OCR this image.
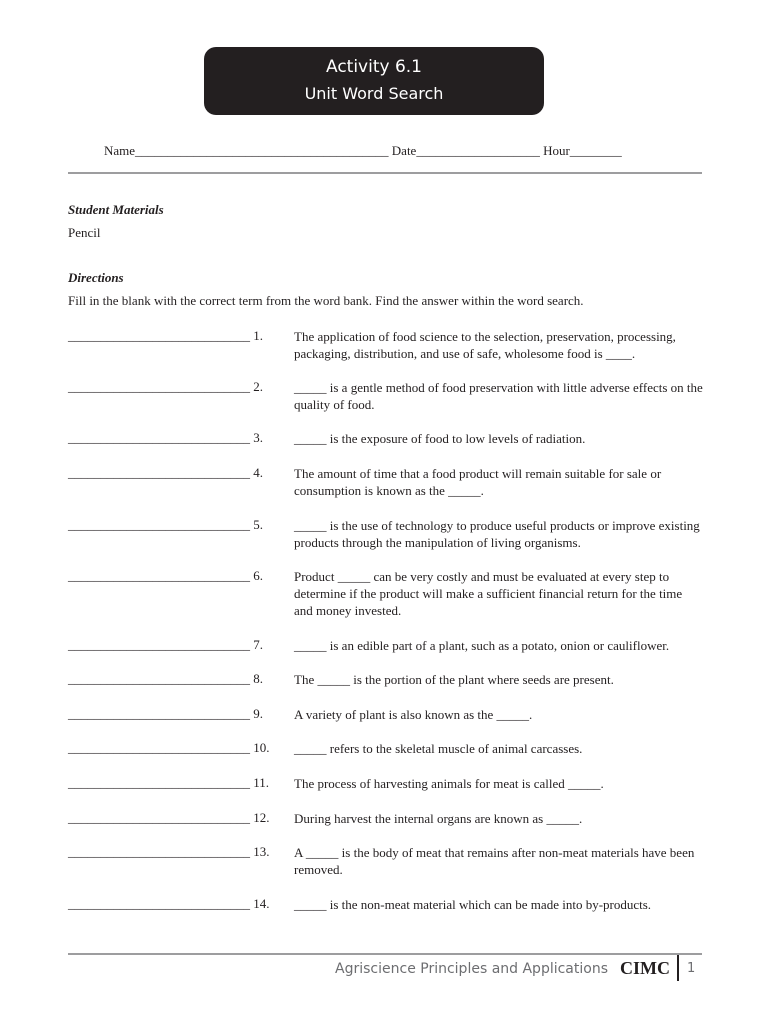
Activity 6.1
Unit Word Search
Name_______________________________________ Date___________________ Hour________
Student Materials
Pencil
Directions
Fill in the blank with the correct term from the word bank. Find the answer within the word search.
____________________________ 1. The application of food science to the selection, preservation, processing, packaging, distribution, and use of safe, wholesome food is ____.
____________________________ 2. _____ is a gentle method of food preservation with little adverse effects on the quality of food.
____________________________ 3. _____ is the exposure of food to low levels of radiation.
____________________________ 4. The amount of time that a food product will remain suitable for sale or consumption is known as the _____.
____________________________ 5. _____ is the use of technology to produce useful products or improve existing products through the manipulation of living organisms.
____________________________ 6. Product _____ can be very costly and must be evaluated at every step to determine if the product will make a sufficient financial return for the time and money invested.
____________________________ 7. _____ is an edible part of a plant, such as a potato, onion or cauliflower.
____________________________ 8. The _____ is the portion of the plant where seeds are present.
____________________________ 9. A variety of plant is also known as the _____.
____________________________ 10. _____ refers to the skeletal muscle of animal carcasses.
____________________________ 11. The process of harvesting animals for meat is called _____.
____________________________ 12. During harvest the internal organs are known as _____.
____________________________ 13. A _____ is the body of meat that remains after non-meat materials have been removed.
____________________________ 14. _____ is the non-meat material which can be made into by-products.
Agriscience Principles and Applications CIMC 1
